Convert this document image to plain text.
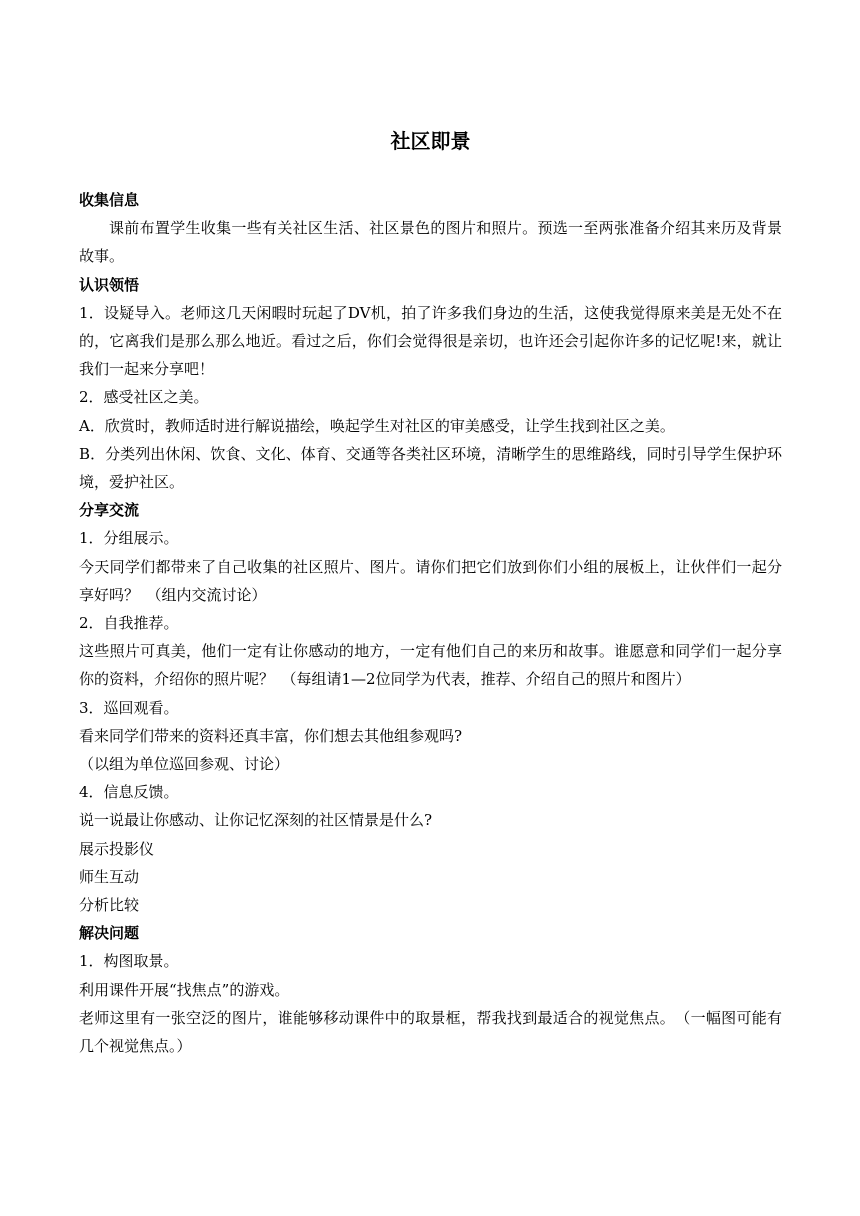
社区即景

收集信息

课前布置学生收集一些有关社区生活、社区景色的图片和照片。预选一至两张准备介绍其来历及背景故事。

认识领悟

1．设疑导入。老师这几天闲暇时玩起了DV机，拍了许多我们身边的生活，这使我觉得原来美是无处不在的，它离我们是那么那么地近。看过之后，你们会觉得很是亲切，也许还会引起你许多的记忆呢!来，就让我们一起来分享吧！

2．感受社区之美。

A．欣赏时，教师适时进行解说描绘，唤起学生对社区的审美感受，让学生找到社区之美。

B．分类列出休闲、饮食、文化、体育、交通等各类社区环境，清晰学生的思维路线，同时引导学生保护环境，爱护社区。

分享交流

1．分组展示。

今天同学们都带来了自己收集的社区照片、图片。请你们把它们放到你们小组的展板上，让伙伴们一起分享好吗？　（组内交流讨论）

2．自我推荐。

这些照片可真美，他们一定有让你感动的地方，一定有他们自己的来历和故事。谁愿意和同学们一起分享你的资料，介绍你的照片呢？　（每组请1—2位同学为代表，推荐、介绍自己的照片和图片）

3．巡回观看。

看来同学们带来的资料还真丰富，你们想去其他组参观吗?

（以组为单位巡回参观、讨论）

4．信息反馈。

说一说最让你感动、让你记忆深刻的社区情景是什么?

展示投影仪

师生互动

分析比较

解决问题

1．构图取景。

利用课件开展“找焦点”的游戏。

老师这里有一张空泛的图片，谁能够移动课件中的取景框，帮我找到最适合的视觉焦点。　（一幅图可能有几个视觉焦点。）
